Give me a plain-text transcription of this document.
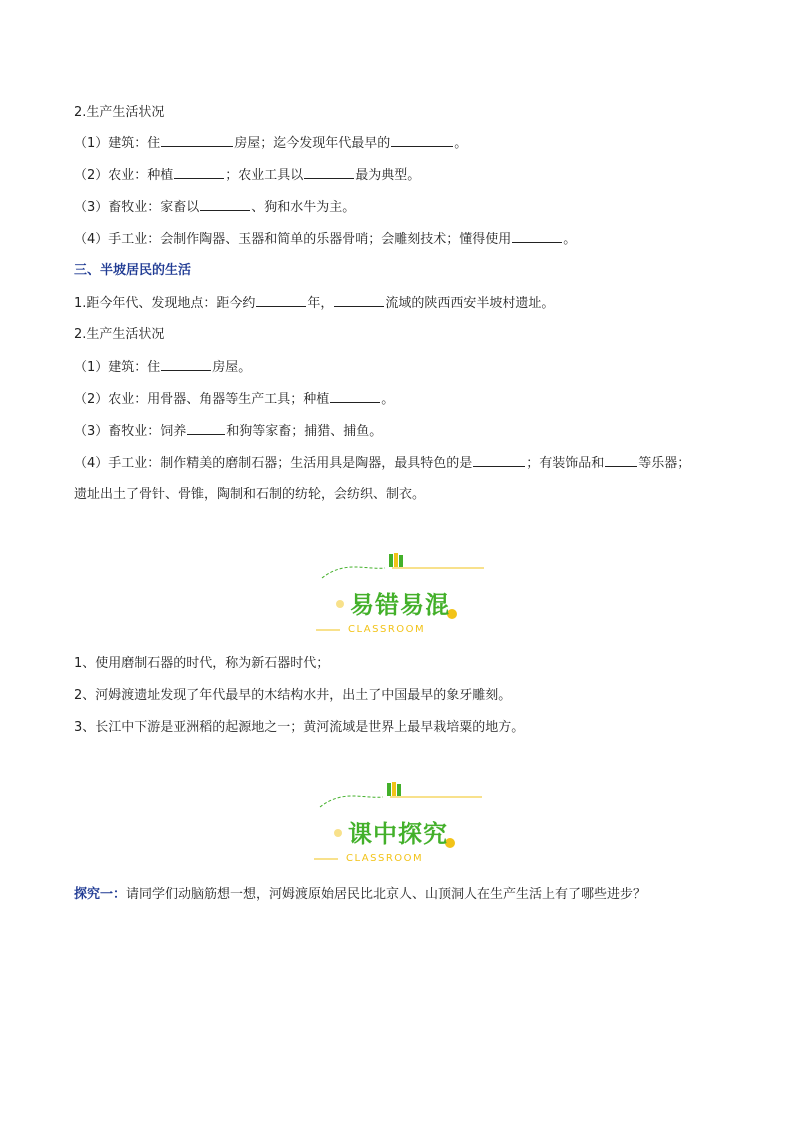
2.生产生活状况
（1）建筑：住	房屋；迄今发现年代最早的	。
（2）农业：种植	；农业工具以	最为典型。
（3）畜牧业：家畜以	、狗和水牛为主。
（4）手工业：会制作陶器、玉器和简单的乐器骨哨；会雕刻技术；懂得使用	。
三、半坡居民的生活
1.距今年代、发现地点：距今约	年，	流域的陕西西安半坡村遗址。
2.生产生活状况
（1）建筑：住	房屋。
（2）农业：用骨器、角器等生产工具；种植	。
（3）畜牧业：饲养	和狗等家畜；捕猎、捕鱼。
（4）手工业：制作精美的磨制石器；生活用具是陶器，最具特色的是	；有装饰品和	等乐器；
遗址出土了骨针、骨锥，陶制和石制的纺轮，会纺织、制衣。
易错易混
CLASSROOM
1、使用磨制石器的时代，称为新石器时代；
2、河姆渡遗址发现了年代最早的木结构水井，出土了中国最早的象牙雕刻。
3、长江中下游是亚洲稻的起源地之一；黄河流域是世界上最早栽培粟的地方。
课中探究
CLASSROOM
探究一：请同学们动脑筋想一想，河姆渡原始居民比北京人、山顶洞人在生产生活上有了哪些进步？
